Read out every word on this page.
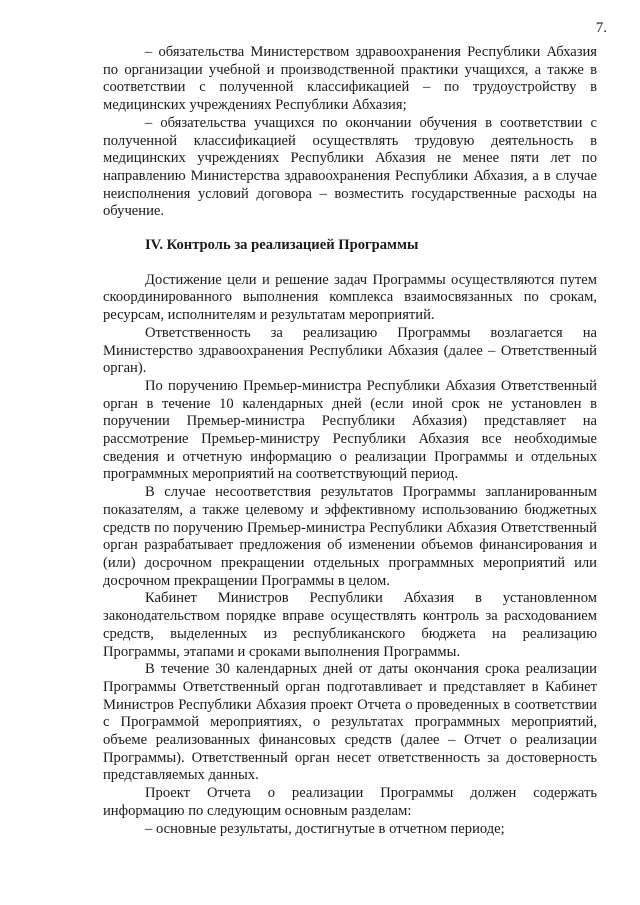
7.

– обязательства Министерством здравоохранения Республики Абхазия по организации учебной и производственной практики учащихся, а также в соответствии с полученной классификацией – по трудоустройству в медицинских учреждениях Республики Абхазия;

– обязательства учащихся по окончании обучения в соответствии с полученной классификацией осуществлять трудовую деятельность в медицинских учреждениях Республики Абхазия не менее пяти лет по направлению Министерства здравоохранения Республики Абхазия, а в случае неисполнения условий договора – возместить государственные расходы на обучение.

IV. Контроль за реализацией Программы

Достижение цели и решение задач Программы осуществляются путем скоординированного выполнения комплекса взаимосвязанных по срокам, ресурсам, исполнителям и результатам мероприятий.

Ответственность за реализацию Программы возлагается на Министерство здравоохранения Республики Абхазия (далее – Ответственный орган).

По поручению Премьер-министра Республики Абхазия Ответственный орган в течение 10 календарных дней (если иной срок не установлен в поручении Премьер-министра Республики Абхазия) представляет на рассмотрение Премьер-министру Республики Абхазия все необходимые сведения и отчетную информацию о реализации Программы и отдельных программных мероприятий на соответствующий период.

В случае несоответствия результатов Программы запланированным показателям, а также целевому и эффективному использованию бюджетных средств по поручению Премьер-министра Республики Абхазия Ответственный орган разрабатывает предложения об изменении объемов финансирования и (или) досрочном прекращении отдельных программных мероприятий или досрочном прекращении Программы в целом.

Кабинет Министров Республики Абхазия в установленном законодательством порядке вправе осуществлять контроль за расходованием средств, выделенных из республиканского бюджета на реализацию Программы, этапами и сроками выполнения Программы.

В течение 30 календарных дней от даты окончания срока реализации Программы Ответственный орган подготавливает и представляет в Кабинет Министров Республики Абхазия проект Отчета о проведенных в соответствии с Программой мероприятиях, о результатах программных мероприятий, объеме реализованных финансовых средств (далее – Отчет о реализации Программы). Ответственный орган несет ответственность за достоверность представляемых данных.

Проект Отчета о реализации Программы должен содержать информацию по следующим основным разделам:

– основные результаты, достигнутые в отчетном периоде;
